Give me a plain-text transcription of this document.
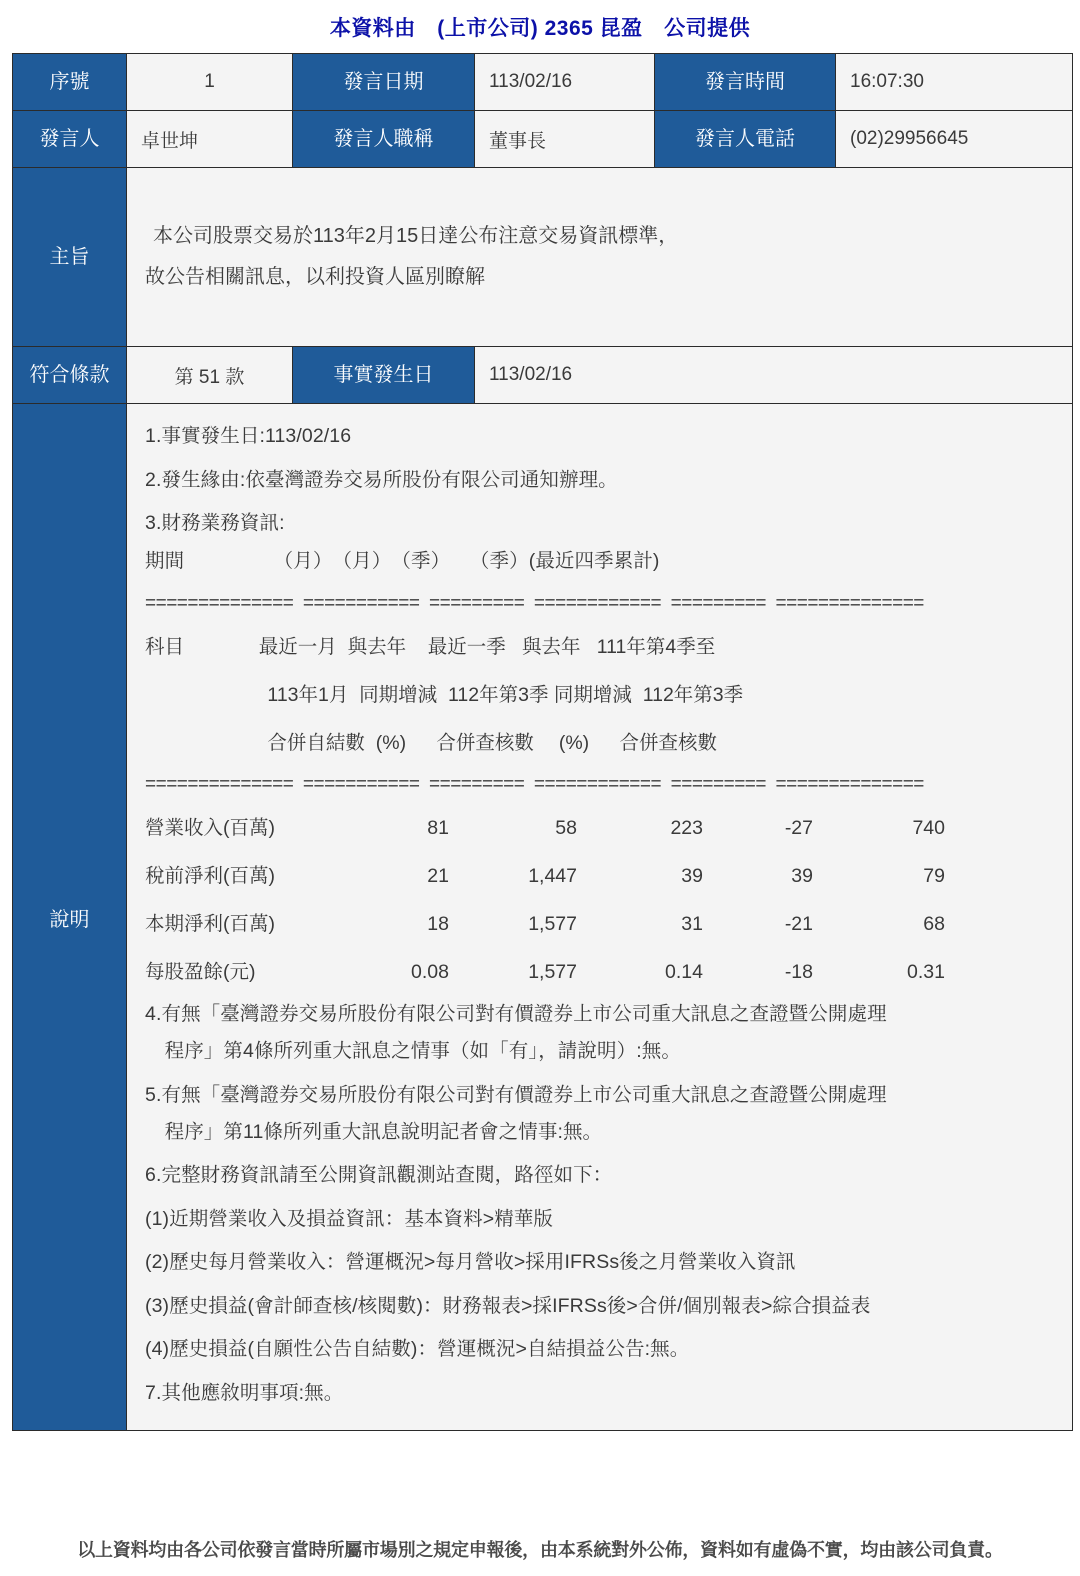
本資料由　(上市公司) 2365 昆盈　公司提供
序號	1	發言日期	113/02/16	發言時間	16:07:30
發言人	卓世坤	發言人職稱	董事長	發言人電話	(02)29956645
主旨	本公司股票交易於113年2月15日達公布注意交易資訊標準，
故公告相關訊息，以利投資人區別瞭解				

符合條款	第 51 款	事實發生日	113/02/16		
說明	
1.事實發生日:113/02/16
2.發生緣由:依臺灣證券交易所股份有限公司通知辦理。
3.財務業務資訊:
期間　　　　  （月）　（月）　（季）　　（季）(最近四季累計)
==============  ===========  =========  ============  =========  ==============
科目　　　   最近一月  與去年    最近一季   與去年   111年第4季至
　　　　　　 113年1月  同期增減  112年第3季 同期增減  112年第3季
　　　　　　 合併自結數  (%)　  合併查核數　 (%)　  合併查核數
==============  ===========  =========  ============  =========  ==============
營業收入(百萬)	81	58	223	-27	740
稅前淨利(百萬)	21	1,447	39	39	79
本期淨利(百萬)	18	1,577	31	-21	68
每股盈餘(元)	0.08	1,577	0.14	-18	0.31
4.有無「臺灣證券交易所股份有限公司對有價證券上市公司重大訊息之查證暨公開處理
　程序」第4條所列重大訊息之情事（如「有」，請說明）:無。
5.有無「臺灣證券交易所股份有限公司對有價證券上市公司重大訊息之查證暨公開處理
　程序」第11條所列重大訊息說明記者會之情事:無。
6.完整財務資訊請至公開資訊觀測站查閱，路徑如下：
(1)近期營業收入及損益資訊：基本資料>精華版
(2)歷史每月營業收入：營運概況>每月營收>採用IFRSs後之月營業收入資訊
(3)歷史損益(會計師查核/核閱數)：財務報表>採IFRSs後>合併/個別報表>綜合損益表
(4)歷史損益(自願性公告自結數)：營運概況>自結損益公告:無。
7.其他應敘明事項:無。
以上資料均由各公司依發言當時所屬市場別之規定申報後，由本系統對外公佈，資料如有虛偽不實，均由該公司負責。
